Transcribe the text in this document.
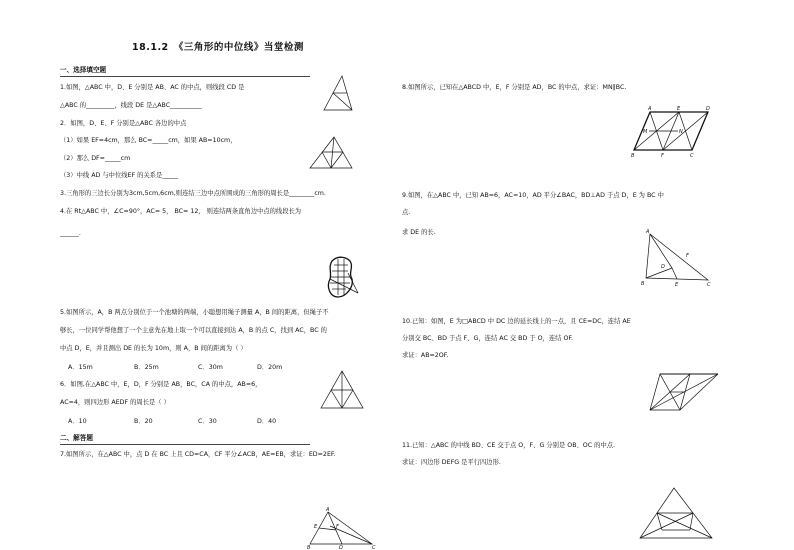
18.1.2　《三角形的中位线》当堂检测
一、选择填空题
1.如图，△ABC 中，D、E 分别是 AB、AC 的中点，则线段 CD 是
△ABC 的_________，线段 DE 是△ABC__________
2．如图，D、E、F 分别是△ABC 各边的中点
（1）如果 EF=4cm，那么 BC=_____cm，如果 AB=10cm，
（2）那么 DF=_____cm
（3）中线 AD 与中位线EF 的关系是_____
3.三角形的三边长分别为3cm,5cm,6cm,则连结三边中点所围成的三角形的周长是________cm.
4.在 Rt△ABC 中，∠C=90°，AC= 5， BC= 12， 则连结两条直角边中点的线段长为
______.
5.如图所示，A，B 两点分别位于一个池塘的两端，小聪想用绳子测量 A，B 间的距离，但绳子不
够长，一位同学帮他想了一个主意先在地上取一个可以直接到达 A，B 的点 C，找到 AC，BC 的
中点 D，E，并且测出 DE 的长为 10m，则 A，B 间的距离为（ ）
A．15m	B．25m	C．30m	D．20m
6．如图,在△ABC 中，E，D，F 分别是 AB，BC，CA 的中点，AB=6，
AC=4，则四边形 AEDF 的周长是（ ）
A．10	B．20	C．30	D．40
二、解答题
7.如图所示，在△ABC 中，点 D 在 BC 上且 CD=CA，CF 平分∠ACB，AE=EB，求证：ED=2EF.
8.如图所示，已知在△ABCD 中，E，F 分别是 AD，BC 的中点，求证：MN∥BC.
9.如图，在△ABC 中，已知 AB=6，AC=10，AD 平分∠BAC，BD⊥AD 于点 D，E 为 BC 中
点.
求 DE 的长.
10.已知：如图，E 为□ABCD 中 DC 边的延长线上的一点，且 CE=DC，连结 AE
分别交 BC、BD 于点 F、G，连结 AC 交 BD 于 O，连结 OF.
求证：AB=2OF.
11.已知：△ABC 的中线 BD、CE 交于点 O，F、G 分别是 OB、OC 的中点.
求证：四边形 DEFG 是平行四边形.
A
E	F
B	D	C
A	E	D
M	N
B	F	C
A
D
B	E	C
F
